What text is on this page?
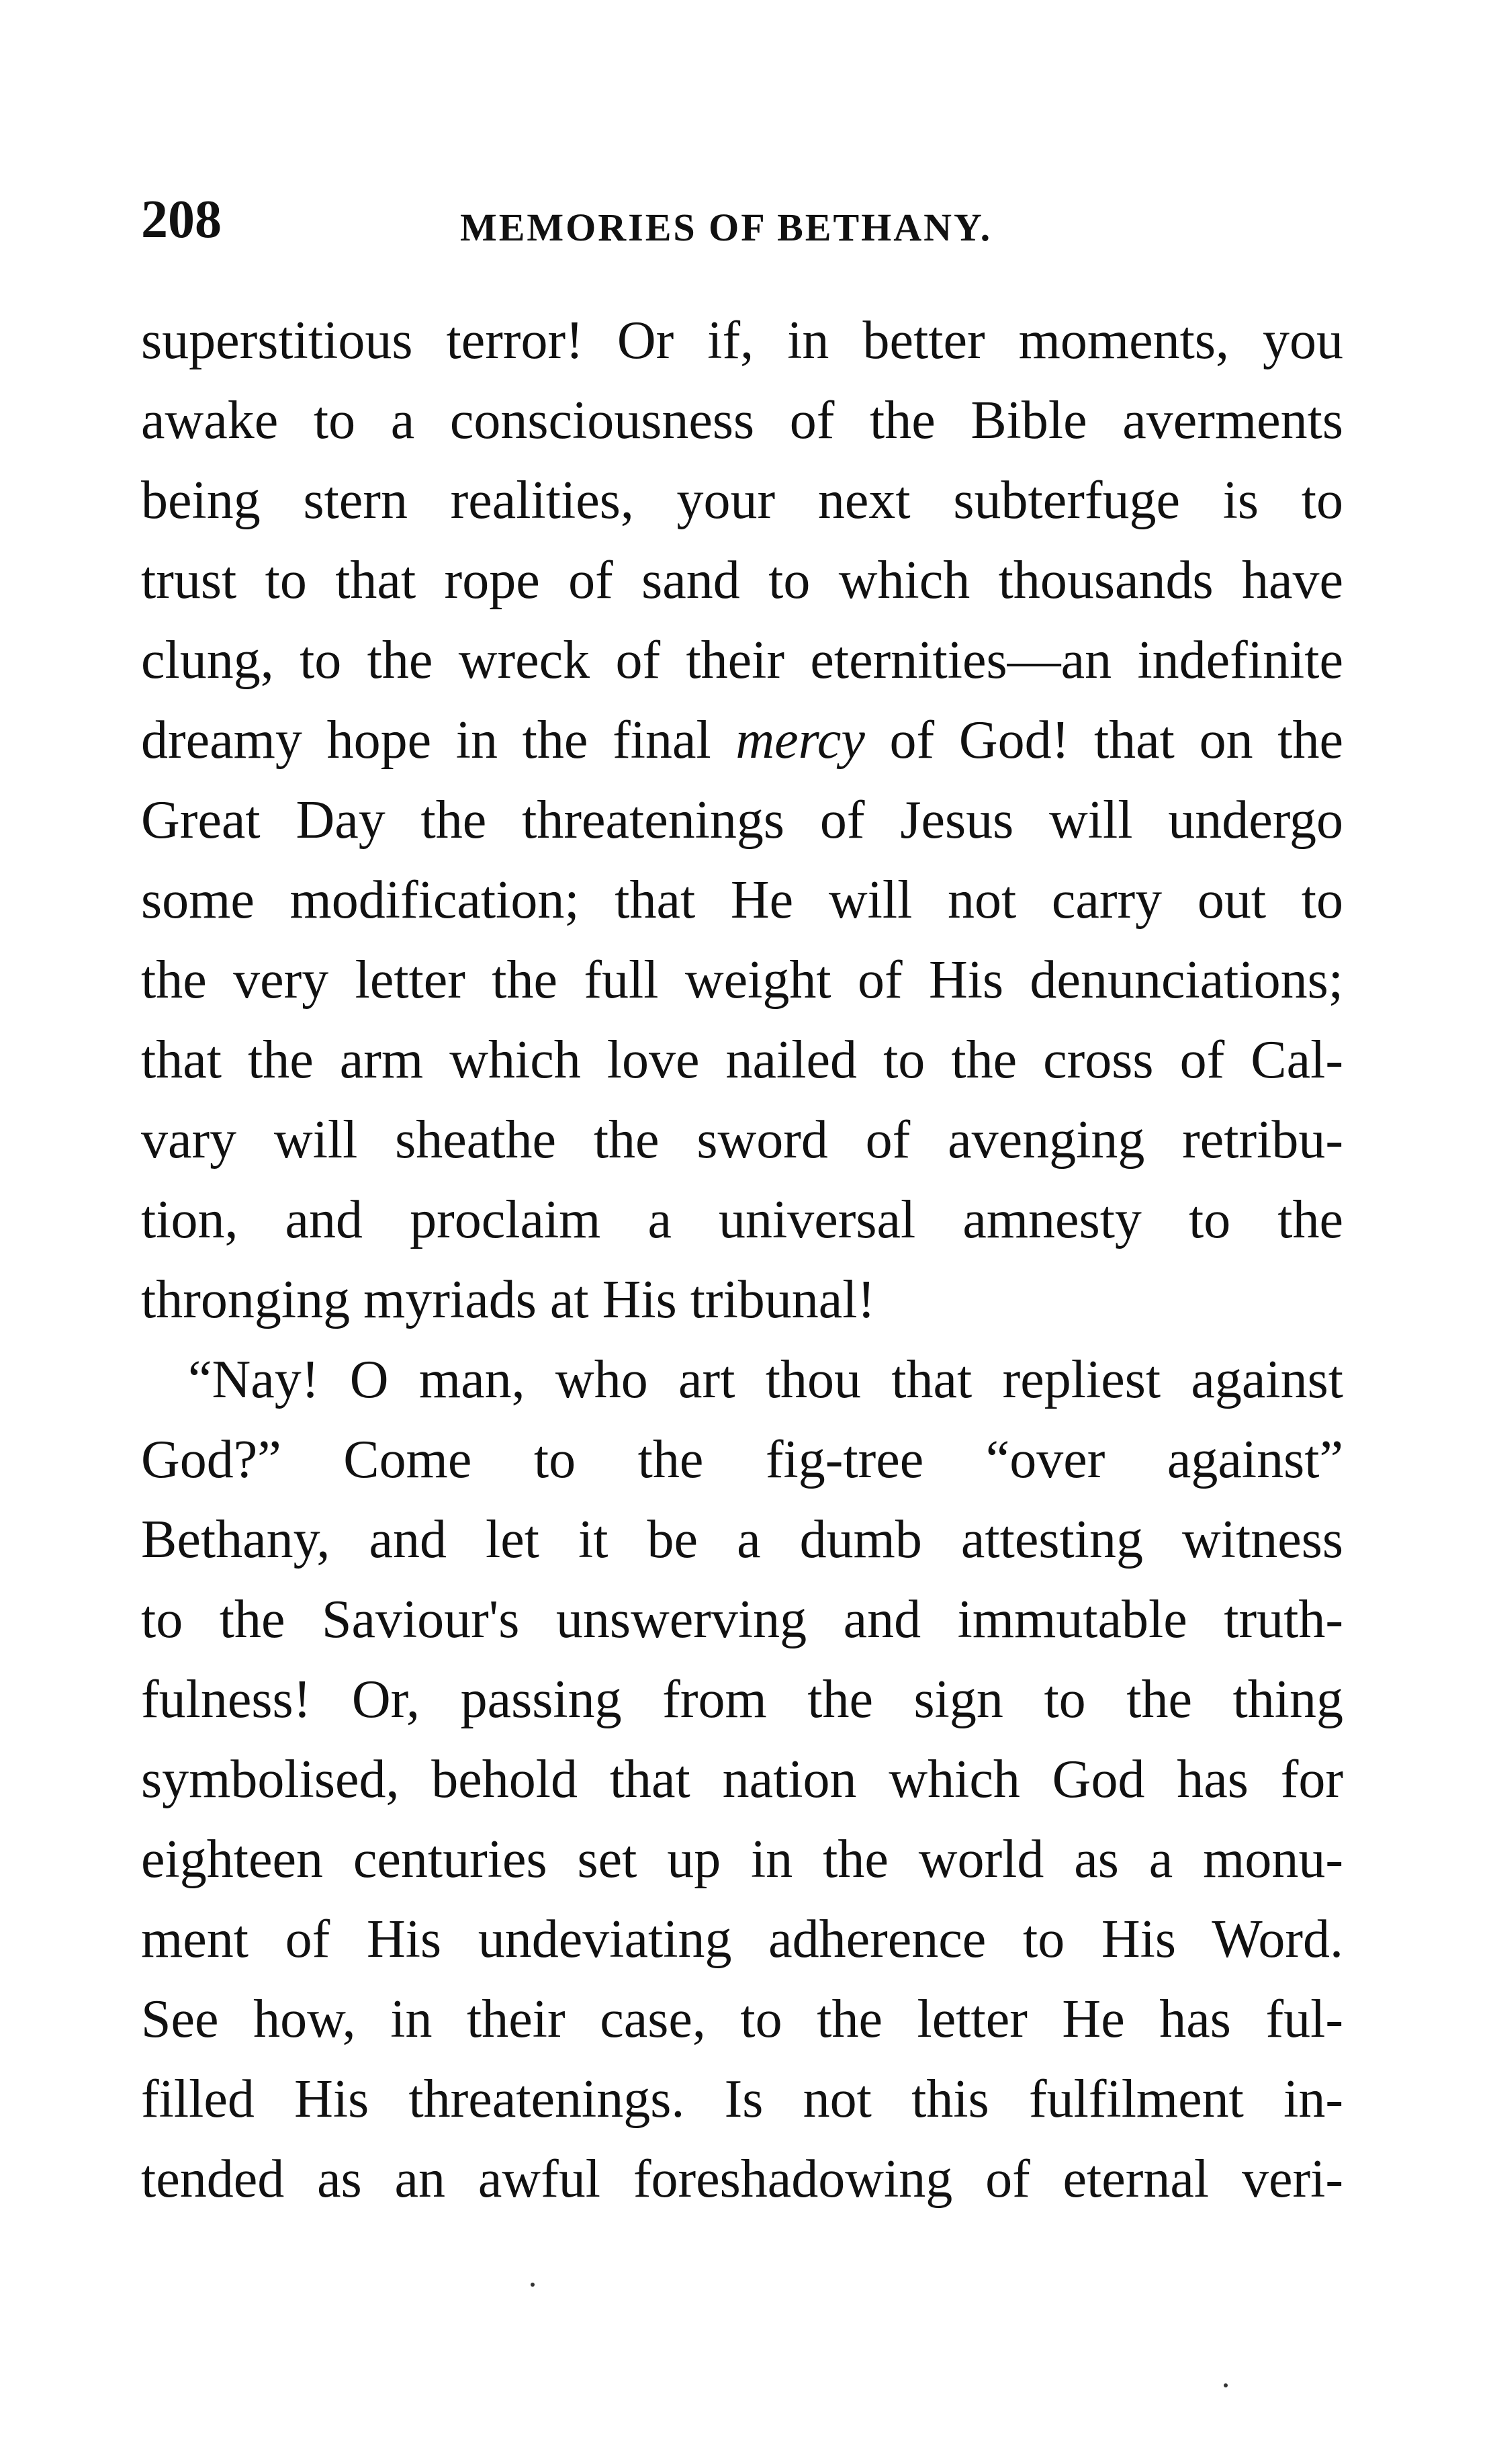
208	MEMORIES OF BETHANY.
superstitious terror! Or if, in better moments, you
awake to a consciousness of the Bible averments
being stern realities, your next subterfuge is to
trust to that rope of sand to which thousands have
clung, to the wreck of their eternities—an indefinite
dreamy hope in the final mercy of God! that on the
Great Day the threatenings of Jesus will undergo
some modification; that He will not carry out to
the very letter the full weight of His denunciations;
that the arm which love nailed to the cross of Cal-
vary will sheathe the sword of avenging retribu-
tion, and proclaim a universal amnesty to the
thronging myriads at His tribunal!
“Nay! O man, who art thou that repliest against
God?” Come to the fig-tree “over against”
Bethany, and let it be a dumb attesting witness
to the Saviour's unswerving and immutable truth-
fulness! Or, passing from the sign to the thing
symbolised, behold that nation which God has for
eighteen centuries set up in the world as a monu-
ment of His undeviating adherence to His Word.
See how, in their case, to the letter He has ful-
filled His threatenings. Is not this fulfilment in-
tended as an awful foreshadowing of eternal veri-
